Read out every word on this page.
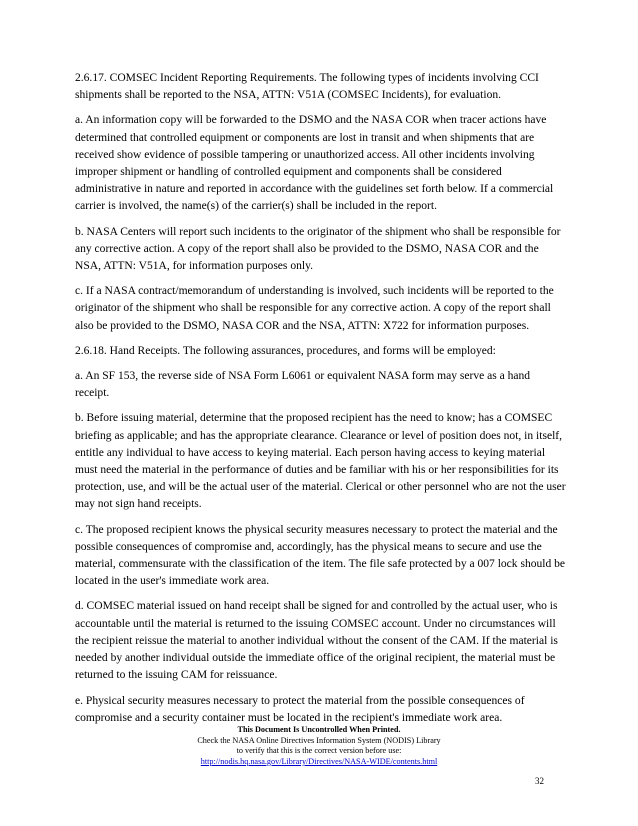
2.6.17. COMSEC Incident Reporting Requirements. The following types of incidents involving CCI shipments shall be reported to the NSA, ATTN: V51A (COMSEC Incidents), for evaluation.

a. An information copy will be forwarded to the DSMO and the NASA COR when tracer actions have determined that controlled equipment or components are lost in transit and when shipments that are received show evidence of possible tampering or unauthorized access. All other incidents involving improper shipment or handling of controlled equipment and components shall be considered administrative in nature and reported in accordance with the guidelines set forth below. If a commercial carrier is involved, the name(s) of the carrier(s) shall be included in the report.

b. NASA Centers will report such incidents to the originator of the shipment who shall be responsible for any corrective action. A copy of the report shall also be provided to the DSMO, NASA COR and the NSA, ATTN: V51A, for information purposes only.

c. If a NASA contract/memorandum of understanding is involved, such incidents will be reported to the originator of the shipment who shall be responsible for any corrective action. A copy of the report shall also be provided to the DSMO, NASA COR and the NSA, ATTN: X722 for information purposes.

2.6.18. Hand Receipts. The following assurances, procedures, and forms will be employed:

a. An SF 153, the reverse side of NSA Form L6061 or equivalent NASA form may serve as a hand receipt.

b. Before issuing material, determine that the proposed recipient has the need to know; has a COMSEC briefing as applicable; and has the appropriate clearance. Clearance or level of position does not, in itself, entitle any individual to have access to keying material. Each person having access to keying material must need the material in the performance of duties and be familiar with his or her responsibilities for its protection, use, and will be the actual user of the material. Clerical or other personnel who are not the user may not sign hand receipts.

c. The proposed recipient knows the physical security measures necessary to protect the material and the possible consequences of compromise and, accordingly, has the physical means to secure and use the material, commensurate with the classification of the item. The file safe protected by a 007 lock should be located in the user's immediate work area.

d. COMSEC material issued on hand receipt shall be signed for and controlled by the actual user, who is accountable until the material is returned to the issuing COMSEC account. Under no circumstances will the recipient reissue the material to another individual without the consent of the CAM. If the material is needed by another individual outside the immediate office of the original recipient, the material must be returned to the issuing CAM for reissuance.

e. Physical security measures necessary to protect the material from the possible consequences of compromise and a security container must be located in the recipient's immediate work area.

This Document Is Uncontrolled When Printed.
Check the NASA Online Directives Information System (NODIS) Library
to verify that this is the correct version before use:
http://nodis.hq.nasa.gov/Library/Directives/NASA-WIDE/contents.html
32
